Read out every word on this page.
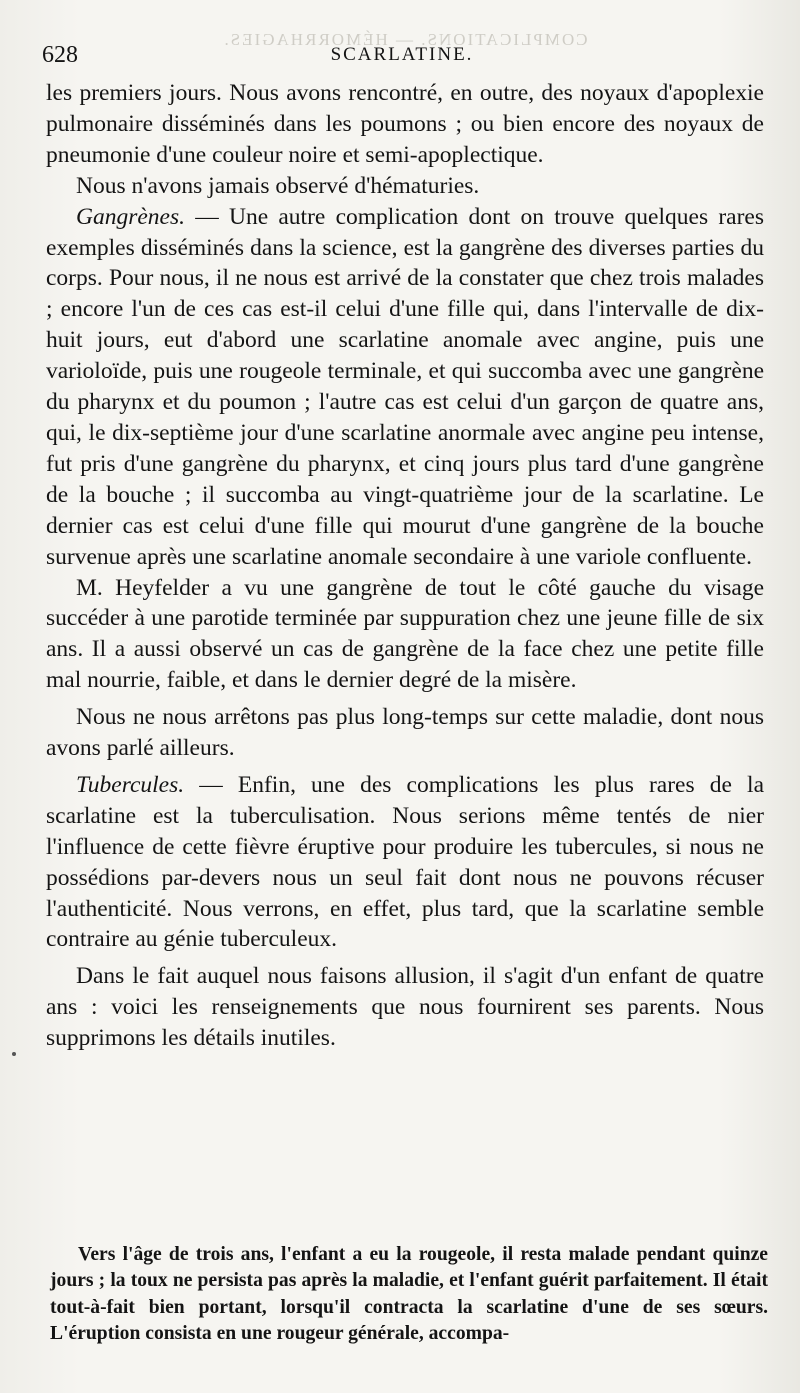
COMPLICATIONS. — HÉMORRHAGIES.
628	SCARLATINE.

les premiers jours. Nous avons rencontré, en outre, des noyaux d'apoplexie pulmonaire disséminés dans les poumons ; ou bien encore des noyaux de pneumonie d'une couleur noire et semi-apoplectique.

Nous n'avons jamais observé d'hématuries.

Gangrènes. — Une autre complication dont on trouve quelques rares exemples disséminés dans la science, est la gangrène des diverses parties du corps. Pour nous, il ne nous est arrivé de la constater que chez trois malades ; encore l'un de ces cas est-il celui d'une fille qui, dans l'intervalle de dix-huit jours, eut d'abord une scarlatine anomale avec angine, puis une varioloïde, puis une rougeole terminale, et qui succomba avec une gangrène du pharynx et du poumon ; l'autre cas est celui d'un garçon de quatre ans, qui, le dix-septième jour d'une scarlatine anormale avec angine peu intense, fut pris d'une gangrène du pharynx, et cinq jours plus tard d'une gangrène de la bouche ; il succomba au vingt-quatrième jour de la scarlatine. Le dernier cas est celui d'une fille qui mourut d'une gangrène de la bouche survenue après une scarlatine anomale secondaire à une variole confluente.

M. Heyfelder a vu une gangrène de tout le côté gauche du visage succéder à une parotide terminée par suppuration chez une jeune fille de six ans. Il a aussi observé un cas de gangrène de la face chez une petite fille mal nourrie, faible, et dans le dernier degré de la misère.

Nous ne nous arrêtons pas plus long-temps sur cette maladie, dont nous avons parlé ailleurs.

Tubercules. — Enfin, une des complications les plus rares de la scarlatine est la tuberculisation. Nous serions même tentés de nier l'influence de cette fièvre éruptive pour produire les tubercules, si nous ne possédions par-devers nous un seul fait dont nous ne pouvons récuser l'authenticité. Nous verrons, en effet, plus tard, que la scarlatine semble contraire au génie tuberculeux.

Dans le fait auquel nous faisons allusion, il s'agit d'un enfant de quatre ans : voici les renseignements que nous fournirent ses parents. Nous supprimons les détails inutiles.

Vers l'âge de trois ans, l'enfant a eu la rougeole, il resta malade pendant quinze jours ; la toux ne persista pas après la maladie, et l'enfant guérit parfaitement. Il était tout-à-fait bien portant, lorsqu'il contracta la scarlatine d'une de ses sœurs. L'éruption consista en une rougeur générale, accompa-
